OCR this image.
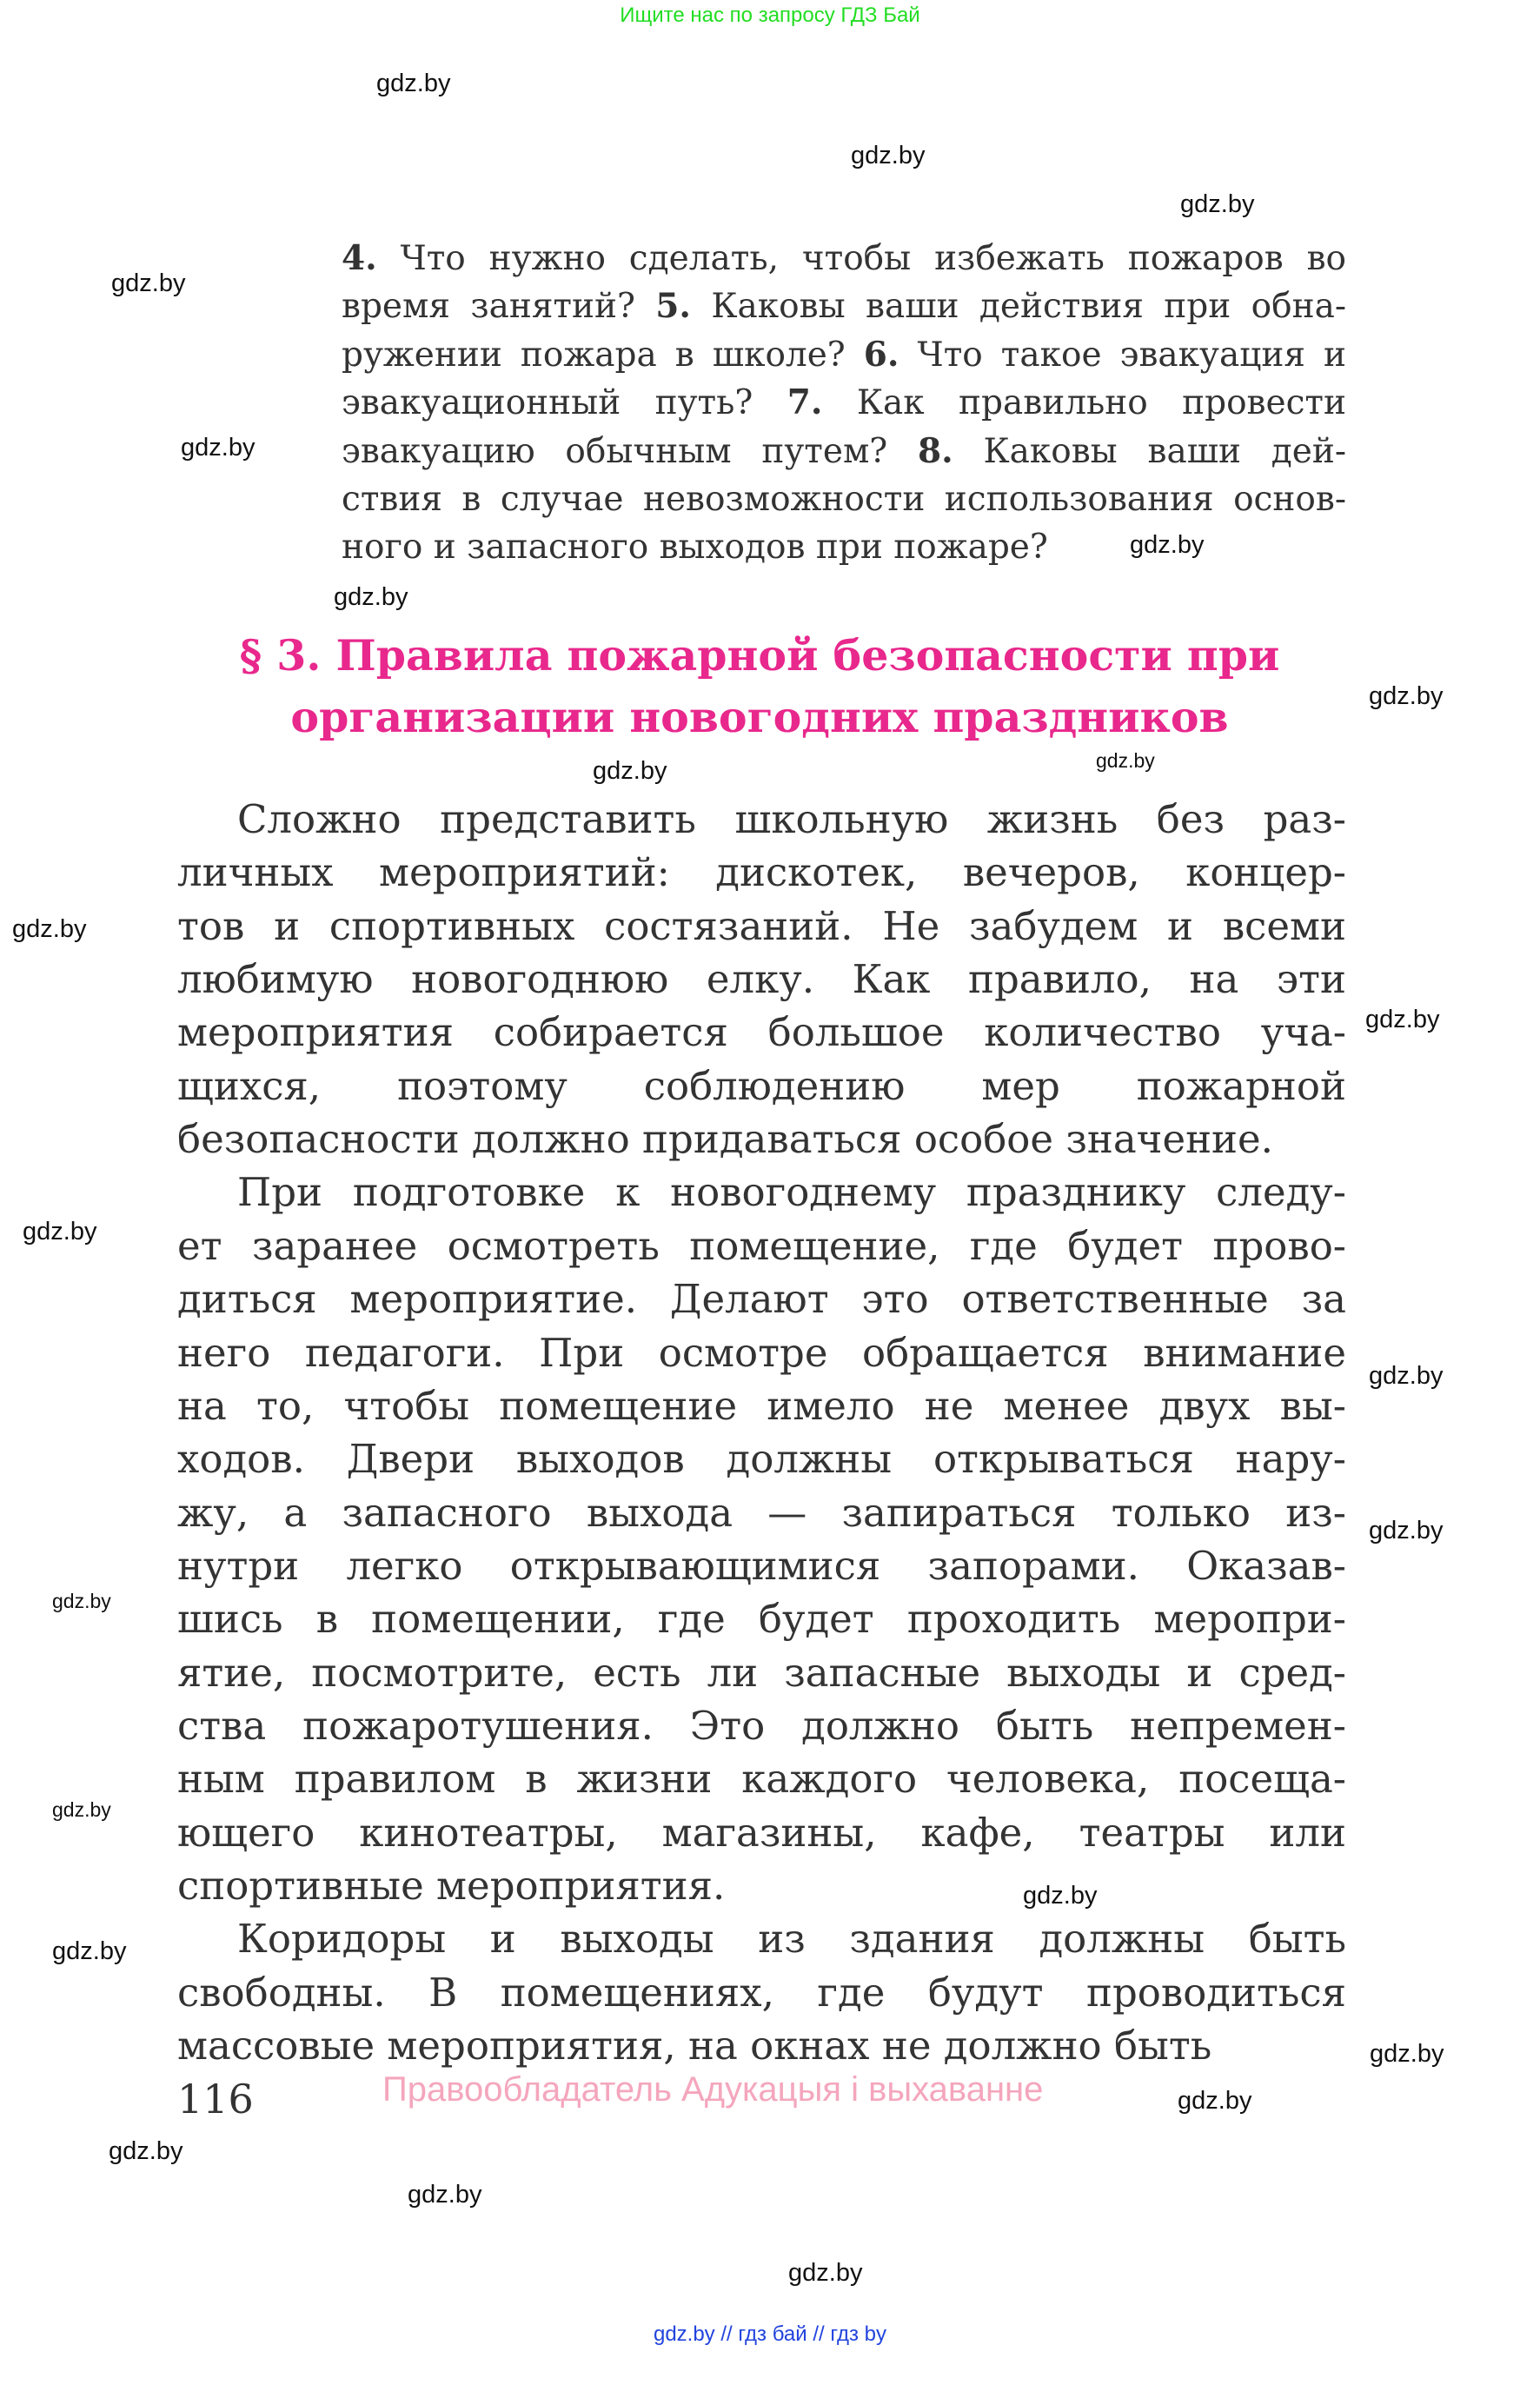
Ищите нас по запросу ГДЗ Бай
gdz.by
gdz.by
gdz.by
gdz.by
gdz.by
gdz.by
gdz.by
gdz.by
gdz.by
gdz.by
gdz.by
gdz.by
gdz.by
gdz.by
gdz.by
gdz.by
gdz.by
gdz.by
gdz.by
gdz.by
gdz.by
gdz.by
gdz.by
gdz.by
4. Что нужно сделать, чтобы избежать пожаров во
время занятий? 5. Каковы ваши действия при обна-
ружении пожара в школе? 6. Что такое эвакуация и
эвакуационный путь? 7. Как правильно провести
эвакуацию обычным путем? 8. Каковы ваши дей-
ствия в случае невозможности использования основ-
ного и запасного выходов при пожаре?
§ 3. Правила пожарной безопасности при
организации новогодних праздников
Сложно представить школьную жизнь без раз-
личных мероприятий: дискотек, вечеров, концер-
тов и спортивных состязаний. Не забудем и всеми
любимую новогоднюю елку. Как правило, на эти
мероприятия собирается большое количество уча-
щихся, поэтому соблюдению мер пожарной
безопасности должно придаваться особое значение.
При подготовке к новогоднему празднику следу-
ет заранее осмотреть помещение, где будет прово-
диться мероприятие. Делают это ответственные за
него педагоги. При осмотре обращается внимание
на то, чтобы помещение имело не менее двух вы-
ходов. Двери выходов должны открываться нару-
жу, а запасного выхода — запираться только из-
нутри легко открывающимися запорами. Оказав-
шись в помещении, где будет проходить меропри-
ятие, посмотрите, есть ли запасные выходы и сред-
ства пожаротушения. Это должно быть непремен-
ным правилом в жизни каждого человека, посеща-
ющего кинотеатры, магазины, кафе, театры или
спортивные мероприятия.
Коридоры и выходы из здания должны быть
свободны. В помещениях, где будут проводиться
массовые мероприятия, на окнах не должно быть
116	Правообладатель Адукацыя і выхаванне
gdz.by // гдз бай // гдз by
